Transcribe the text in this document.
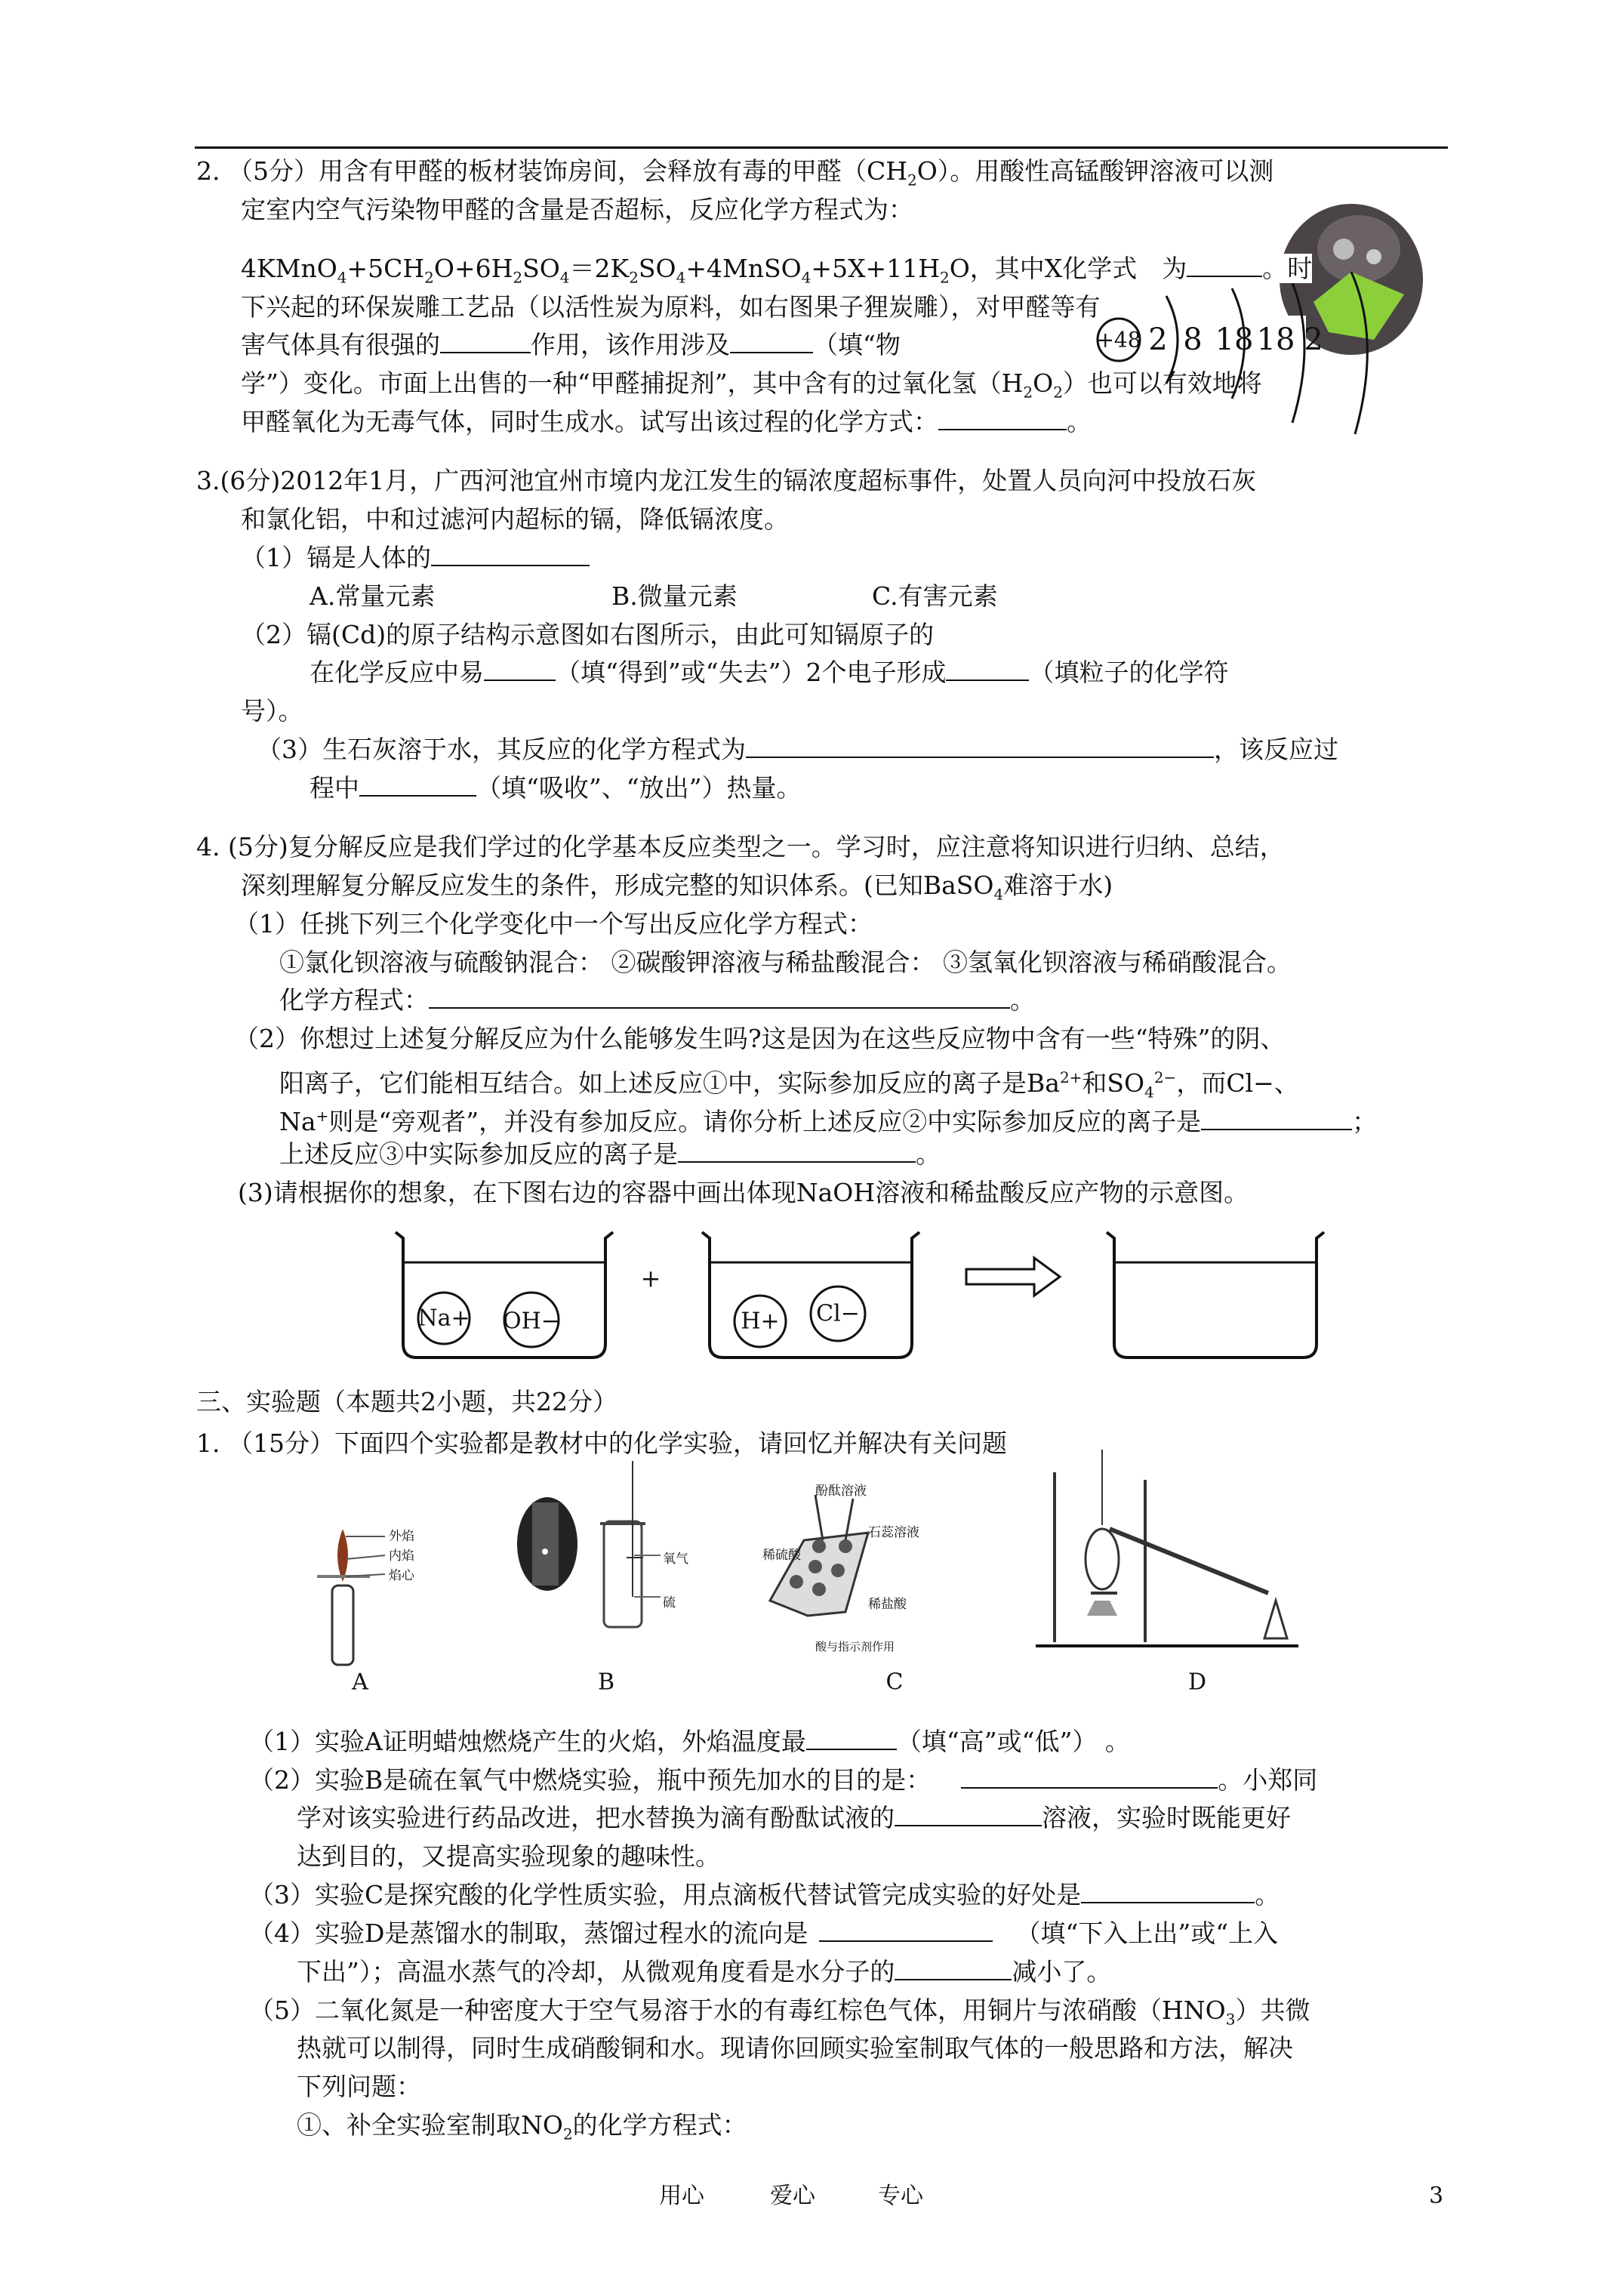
2. （5分）用含有甲醛的板材装饰房间，会释放有毒的甲醛$(CH_2O)$。用酸性高锰酸钾溶液可以测
定室内空气污染物甲醛的含量是否超标，反应化学方程式为：
$4KMnO_4+5CH_2O+6H_2SO_4=2K_2SO_4+4MnSO_4+5X+11H_2O$，其中X化学式　为	。时
下兴起的环保炭雕工艺品（以活性炭为原料，如右图果子狸炭雕），对甲醛等有
害气体具有很强的	作用，该作用涉及	（填“物
学”）变化。市面上出售的一种“甲醛捕捉剂”，其中含有的过氧化氢$(H_2O_2)$也可以有效地将
甲醛氧化为无毒气体，同时生成水。试写出该过程的化学方式：	。
+48 2 8 18 18 2
3.(6分)2012年1月，广西河池宜州市境内龙江发生的镉浓度超标事件，处置人员向河中投放石灰
和氯化铝，中和过滤河内超标的镉，降低镉浓度。
（1）镉是人体的
A.常量元素	B.微量元素	C.有害元素
（2）镉(Cd)的原子结构示意图如右图所示，由此可知镉原子的
在化学反应中易	（填“得到”或“失去”）2个电子形成	（填粒子的化学符
号）。
（3）生石灰溶于水，其反应的化学方程式为	，该反应过
程中	（填“吸收”、“放出”）热量。
4. (5分)复分解反应是我们学过的化学基本反应类型之一。学习时，应注意将知识进行归纳、总结，
深刻理解复分解反应发生的条件，形成完整的知识体系。(已知BaSO$_4$难溶于水)
（1）任挑下列三个化学变化中一个写出反应化学方程式：
①氯化钡溶液与硫酸钠混合： ②碳酸钾溶液与稀盐酸混合： ③氢氧化钡溶液与稀硝酸混合。
化学方程式：	。
（2）你想过上述复分解反应为什么能够发生吗?这是因为在这些反应物中含有一些“特殊”的阴、
阳离子，它们能相互结合。如上述反应①中，实际参加反应的离子是$Ba^{2+}$和$SO_4^{2-}$，而Cl−、
Na+则是“旁观者”，并没有参加反应。请你分析上述反应②中实际参加反应的离子是	；
上述反应③中实际参加反应的离子是	。
(3)请根据你的想象，在下图右边的容器中画出体现NaOH溶液和稀盐酸反应产物的示意图。
Na+ OH−
+
H+ Cl−
三、实验题（本题共2小题，共22分）
1. （15分）下面四个实验都是教材中的化学实验，请回忆并解决有关问题
外焰
内焰
焰心
氧气
硫
酚酞溶液
石蕊溶液
稀硫酸
稀盐酸
酸与指示剂作用
A	B	C	D
（1）实验A证明蜡烛燃烧产生的火焰，外焰温度最	（填“高”或“低”） 。
（2）实验B是硫在氧气中燃烧实验，瓶中预先加水的目的是：	。小郑同
学对该实验进行药品改进，把水替换为滴有酚酞试液的	溶液，实验时既能更好
达到目的，又提高实验现象的趣味性。
（3）实验C是探究酸的化学性质实验，用点滴板代替试管完成实验的好处是	。
（4）实验D是蒸馏水的制取，蒸馏过程水的流向是	（填“下入上出”或“上入
下出”）；高温水蒸气的冷却，从微观角度看是水分子的	减小了。
（5）二氧化氮是一种密度大于空气易溶于水的有毒红棕色气体，用铜片与浓硝酸$(HNO_3)$共微
热就可以制得，同时生成硝酸铜和水。现请你回顾实验室制取气体的一般思路和方法，解决
下列问题：
①、补全实验室制取$NO_2$的化学方程式：
用心	爱心	专心	3
